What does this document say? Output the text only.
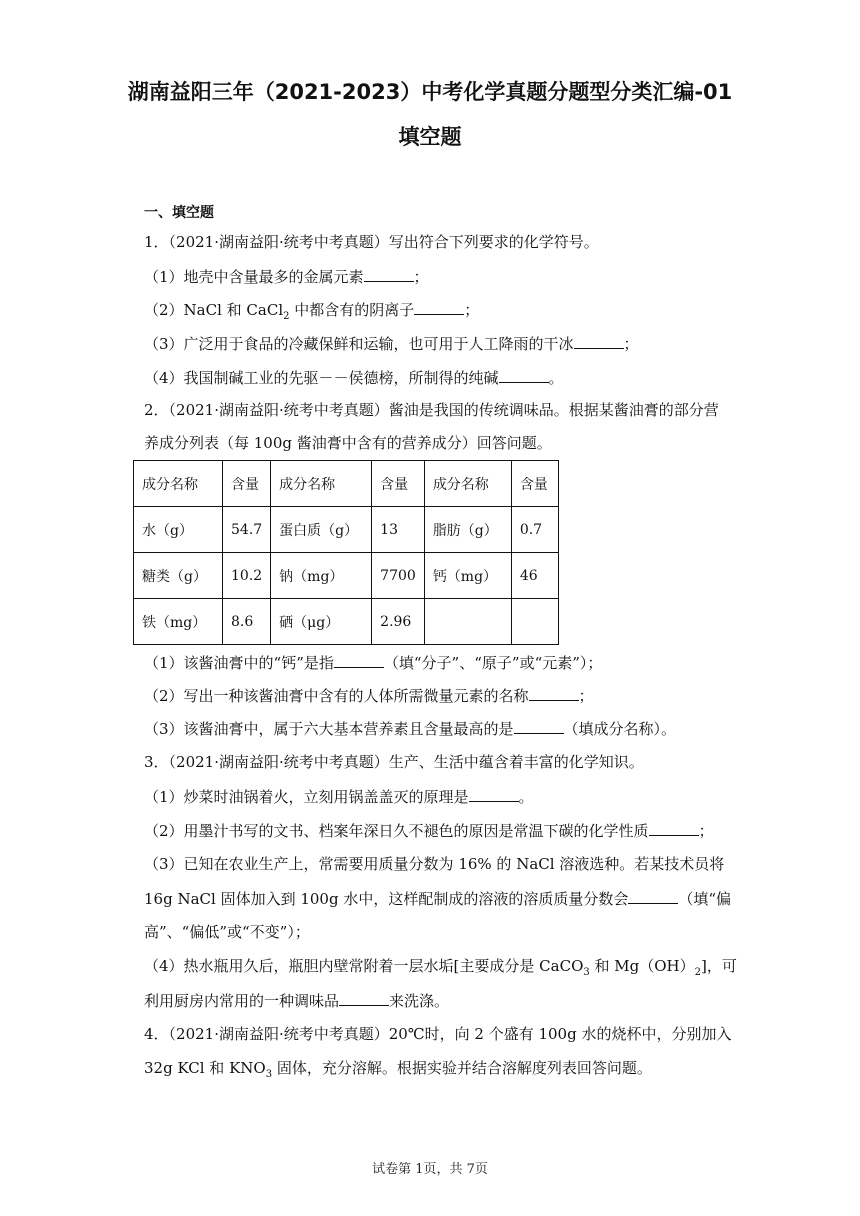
湖南益阳三年（2021-2023）中考化学真题分题型分类汇编-01
填空题
一、填空题
1．（2021·湖南益阳·统考中考真题）写出符合下列要求的化学符号。
（1）地壳中含量最多的金属元素	；
（2）NaCl 和 CaCl$_2$ 中都含有的阴离子	；
（3）广泛用于食品的冷藏保鲜和运输，也可用于人工降雨的干冰	；
（4）我国制碱工业的先驱－－侯德榜，所制得的纯碱	。
2．（2021·湖南益阳·统考中考真题）酱油是我国的传统调味品。根据某酱油膏的部分营
养成分列表（每 100g 酱油膏中含有的营养成分）回答问题。
成分名称	含量	成分名称	含量	成分名称	含量
水（g）	54.7	蛋白质（g）	13	脂肪（g）	0.7
糖类（g）	10.2	钠（mg）	7700	钙（mg）	46
铁（mg）	8.6	硒（μg）	2.96		
（1）该酱油膏中的“钙”是指	（填“分子”、“原子”或“元素”）；
（2）写出一种该酱油膏中含有的人体所需微量元素的名称	；
（3）该酱油膏中，属于六大基本营养素且含量最高的是	（填成分名称）。
3．（2021·湖南益阳·统考中考真题）生产、生活中蕴含着丰富的化学知识。
（1）炒菜时油锅着火，立刻用锅盖盖灭的原理是	。
（2）用墨汁书写的文书、档案年深日久不褪色的原因是常温下碳的化学性质	；
（3）已知在农业生产上，常需要用质量分数为 16% 的 NaCl 溶液选种。若某技术员将
16g NaCl 固体加入到 100g 水中，这样配制成的溶液的溶质质量分数会	（填“偏
高”、“偏低”或“不变”）；
（4）热水瓶用久后，瓶胆内壁常附着一层水垢[主要成分是 CaCO$_3$ 和 $Mg(OH)_2$]，可
利用厨房内常用的一种调味品	来洗涤。
4．（2021·湖南益阳·统考中考真题）20℃时，向 2 个盛有 100g 水的烧杯中，分别加入
32g KCl 和 $KNO_3$ 固体，充分溶解。根据实验并结合溶解度列表回答问题。
试卷第 1页，共 7页
